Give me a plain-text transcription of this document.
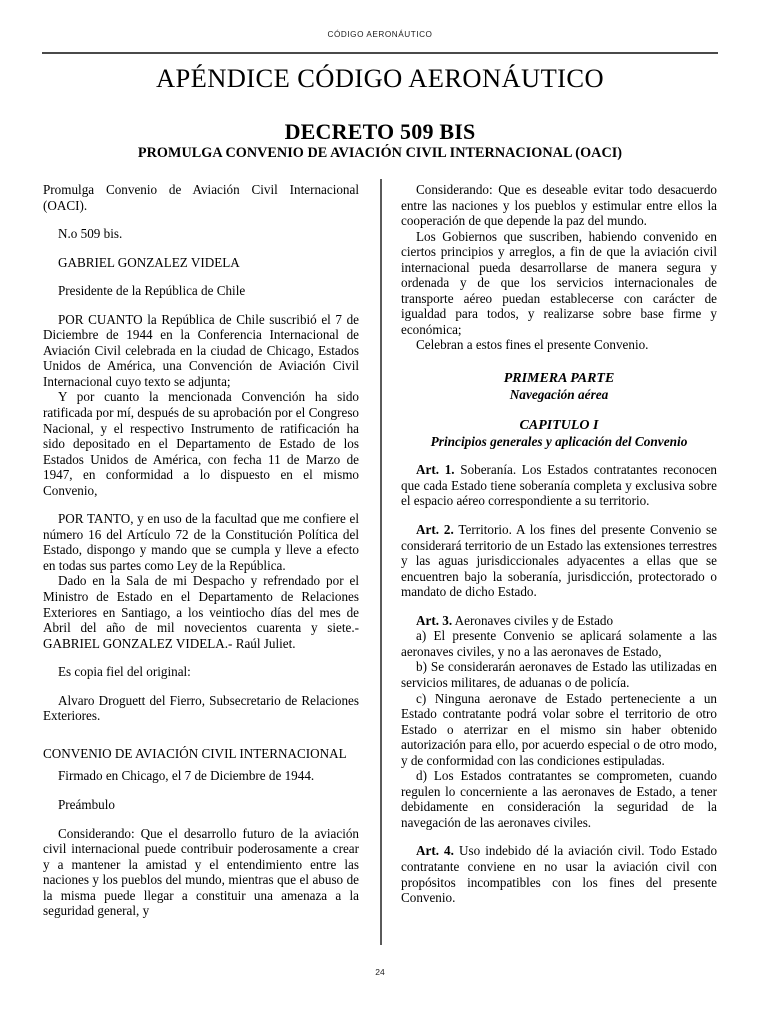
CÓDIGO AERONÁUTICO
APÉNDICE CÓDIGO AERONÁUTICO
DECRETO 509 BIS
PROMULGA CONVENIO DE AVIACIÓN CIVIL INTERNACIONAL (OACI)

Promulga Convenio de Aviación Civil Internacional (OACI).

N.o 509 bis.

GABRIEL GONZALEZ VIDELA

Presidente de la República de Chile

POR CUANTO la República de Chile suscribió el 7 de Diciembre de 1944 en la Conferencia Internacional de Aviación Civil celebrada en la ciudad de Chicago, Estados Unidos de América, una Convención de Aviación Civil Internacional cuyo texto se adjunta;

Y por cuanto la mencionada Convención ha sido ratificada por mí, después de su aprobación por el Congreso Nacional, y el respectivo Instrumento de ratificación ha sido depositado en el Departamento de Estado de los Estados Unidos de América, con fecha 11 de Marzo de 1947, en conformidad a lo dispuesto en el mismo Convenio,

POR TANTO, y en uso de la facultad que me confiere el número 16 del Artículo 72 de la Constitución Política del Estado, dispongo y mando que se cumpla y lleve a efecto en todas sus partes como Ley de la República.

Dado en la Sala de mi Despacho y refrendado por el Ministro de Estado en el Departamento de Relaciones Exteriores en Santiago, a los veintiocho días del mes de Abril del año de mil novecientos cuarenta y siete.- GABRIEL GONZALEZ VIDELA.- Raúl Juliet.

Es copia fiel del original:

Alvaro Droguett del Fierro, Subsecretario de Relaciones Exteriores.

CONVENIO DE AVIACIÓN CIVIL INTERNACIONAL

Firmado en Chicago, el 7 de Diciembre de 1944.

Preámbulo

Considerando: Que el desarrollo futuro de la aviación civil internacional puede contribuir poderosamente a crear y a mantener la amistad y el entendimiento entre las naciones y los pueblos del mundo, mientras que el abuso de la misma puede llegar a constituir una amenaza a la seguridad general, y

Considerando: Que es deseable evitar todo desacuerdo entre las naciones y los pueblos y estimular entre ellos la cooperación de que depende la paz del mundo.

Los Gobiernos que suscriben, habiendo convenido en ciertos principios y arreglos, a fin de que la aviación civil internacional pueda desarrollarse de manera segura y ordenada y de que los servicios internacionales de transporte aéreo puedan establecerse con carácter de igualdad para todos, y realizarse sobre base firme y económica;

Celebran a estos fines el presente Convenio.

PRIMERA PARTE

Navegación aérea

CAPITULO I

Principios generales y aplicación del Convenio

Art. 1. Soberanía. Los Estados contratantes reconocen que cada Estado tiene soberanía completa y exclusiva sobre el espacio aéreo correspondiente a su territorio.

Art. 2. Territorio. A los fines del presente Convenio se considerará territorio de un Estado las extensiones terrestres y las aguas jurisdiccionales adyacentes a ellas que se encuentren bajo la soberanía, jurisdicción, protectorado o mandato de dicho Estado.

Art. 3. Aeronaves civiles y de Estado

a) El presente Convenio se aplicará solamente a las aeronaves civiles, y no a las aeronaves de Estado,

b) Se considerarán aeronaves de Estado las utilizadas en servicios militares, de aduanas o de policía.

c) Ninguna aeronave de Estado perteneciente a un Estado contratante podrá volar sobre el territorio de otro Estado o aterrizar en el mismo sin haber obtenido autorización para ello, por acuerdo especial o de otro modo, y de conformidad con las condiciones estipuladas.

d) Los Estados contratantes se comprometen, cuando regulen lo concerniente a las aeronaves de Estado, a tener debidamente en consideración la seguridad de la navegación de las aeronaves civiles.

Art. 4. Uso indebido dé la aviación civil. Todo Estado contratante conviene en no usar la aviación civil con propósitos incompatibles con los fines del presente Convenio.

24
